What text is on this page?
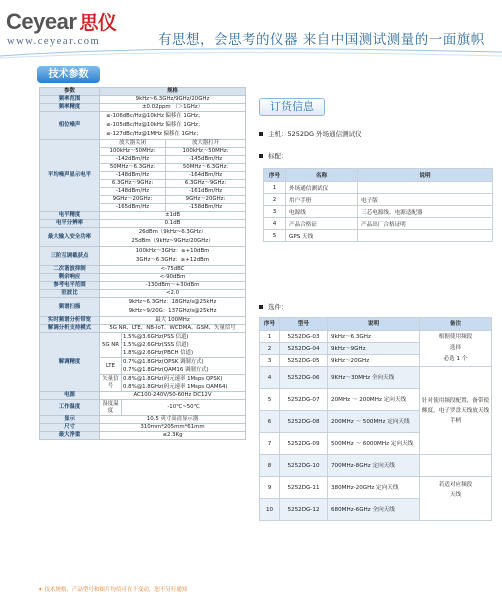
Ceyear 思仪
www.ceyear.com	有思想，会思考的仪器 来自中国测试测量的一面旗帜
技术参数
参数	规格		
频率范围	9kHz~6.3GHz/9GHz/20GHz		
频率精度	±0.02ppm （＞1GHz）		
相位噪声	≤-106dBc/Hz@10kHz 偏移在 1GHz；
≤-105dBc/Hz@10kHz 偏移在 1GHz；
≤-127dBc/Hz@1MHz 偏移在 1GHz；		

平均噪声显示电平	放大器关闭		放大器打开
	100kHz～50MHz:		100kHz～50MHz:
	-142dBm/Hz		-145dBm/Hz
	50MHz～6.3GHz:		50MHz～6.3GHz:
	-148dBm/Hz		-164dBm/Hz
	6.3GHz～9GHz:		6.3GHz～9GHz:
	-148dBm/Hz		-161dBm/Hz
	9GHz～20GHz:		9GHz～20GHz:
	-165dBm/Hz		-158dBm/Hz
电平精度	±1dB		
电平分辨率	0.1dB		
最大输入安全功率	26dBm（9kHz~6.3GHz）
25dBm（9kHz~9GHz/20GHz）		

三阶互调截获点	100kHz～3GHz：≥+10dBm
3GHz～6.3GHz：≥+12dBm		

二次谐波抑制	<-75dBC		
剩余响应	<-90dBm		
参考电平范围	-130dBm～+30dBm		
驻波比	<2.0		
频谱扫描	9kHz~6.3GHz：18GHz/s@25kHz
9kHz~9/20G：137GHz/s@25kHz		

实时频谱分析带宽	最大 100MHz		
解调分析支持模式	5G NR、LTE、NB-IoT、WCDMA、GSM、矢量信号		
解调精度	5G NR	1.5%@3.6GHz(PSS 信道)
1.5%@2.6GHz(SSS 信道)
1.8%@2.6GHz(PBCH 信道)	

	LTE	0.7%@1.8GHz(QPSK 调制方式)
0.7%@1.8GHz(QAM16 调制方式)	

	矢量信号	0.8%@1.8GHz(码元速率 1Msps QPSK)
0.8%@1.8GHz(码元速率 1Msps QAM64)	

电源	AC100-240V/50-60Hz DC12V		
工作温度	湿度温度	-10℃~50℃	
显示	10.5 英寸高清显示器		
尺寸	310mm*205mm*61mm		
最大净重	≤2.3Kg		
订货信息
主机：5252DG 外场通信测试仪
标配：
序号	名称	说明
1	外场通信测试仪	
2	用户手册	电子版
3	电源线	三芯电源线、电源适配器
4	产品合格证	产品出厂合格证明
5	GPS 天线	
选件：
序号	型号	说明	备注
1	5252DG-03	9kHz～6.3GHz	根据使用频段
选择
必选 1 个

2	5252DG-04	9kHz～9GHz	
3	5252DG-05	9kHz～20GHz	
4	5252DG-06	9KHz～30MHz 全向天线	针对使用频段配置，备带使额度，电子罗盘天线放天线手柄
5	5252DG-07	20MHz ～ 200MHz 定向天线	
6	5252DG-08	200MHz ～ 500MHz 定向天线	
7	5252DG-09	500MHz ～ 6000MHz 定向天线	
8	5252DG-10	700MHz-8GHz 定向天线	
9	5252DG-11	380MHz-20GHz 定向天线	若适对应频段
天线

10	5252DG-12	680MHz-6GHz 全向天线	
✦ 技术规格、产品型号和图片均信可在不变动，恕不另行通知
